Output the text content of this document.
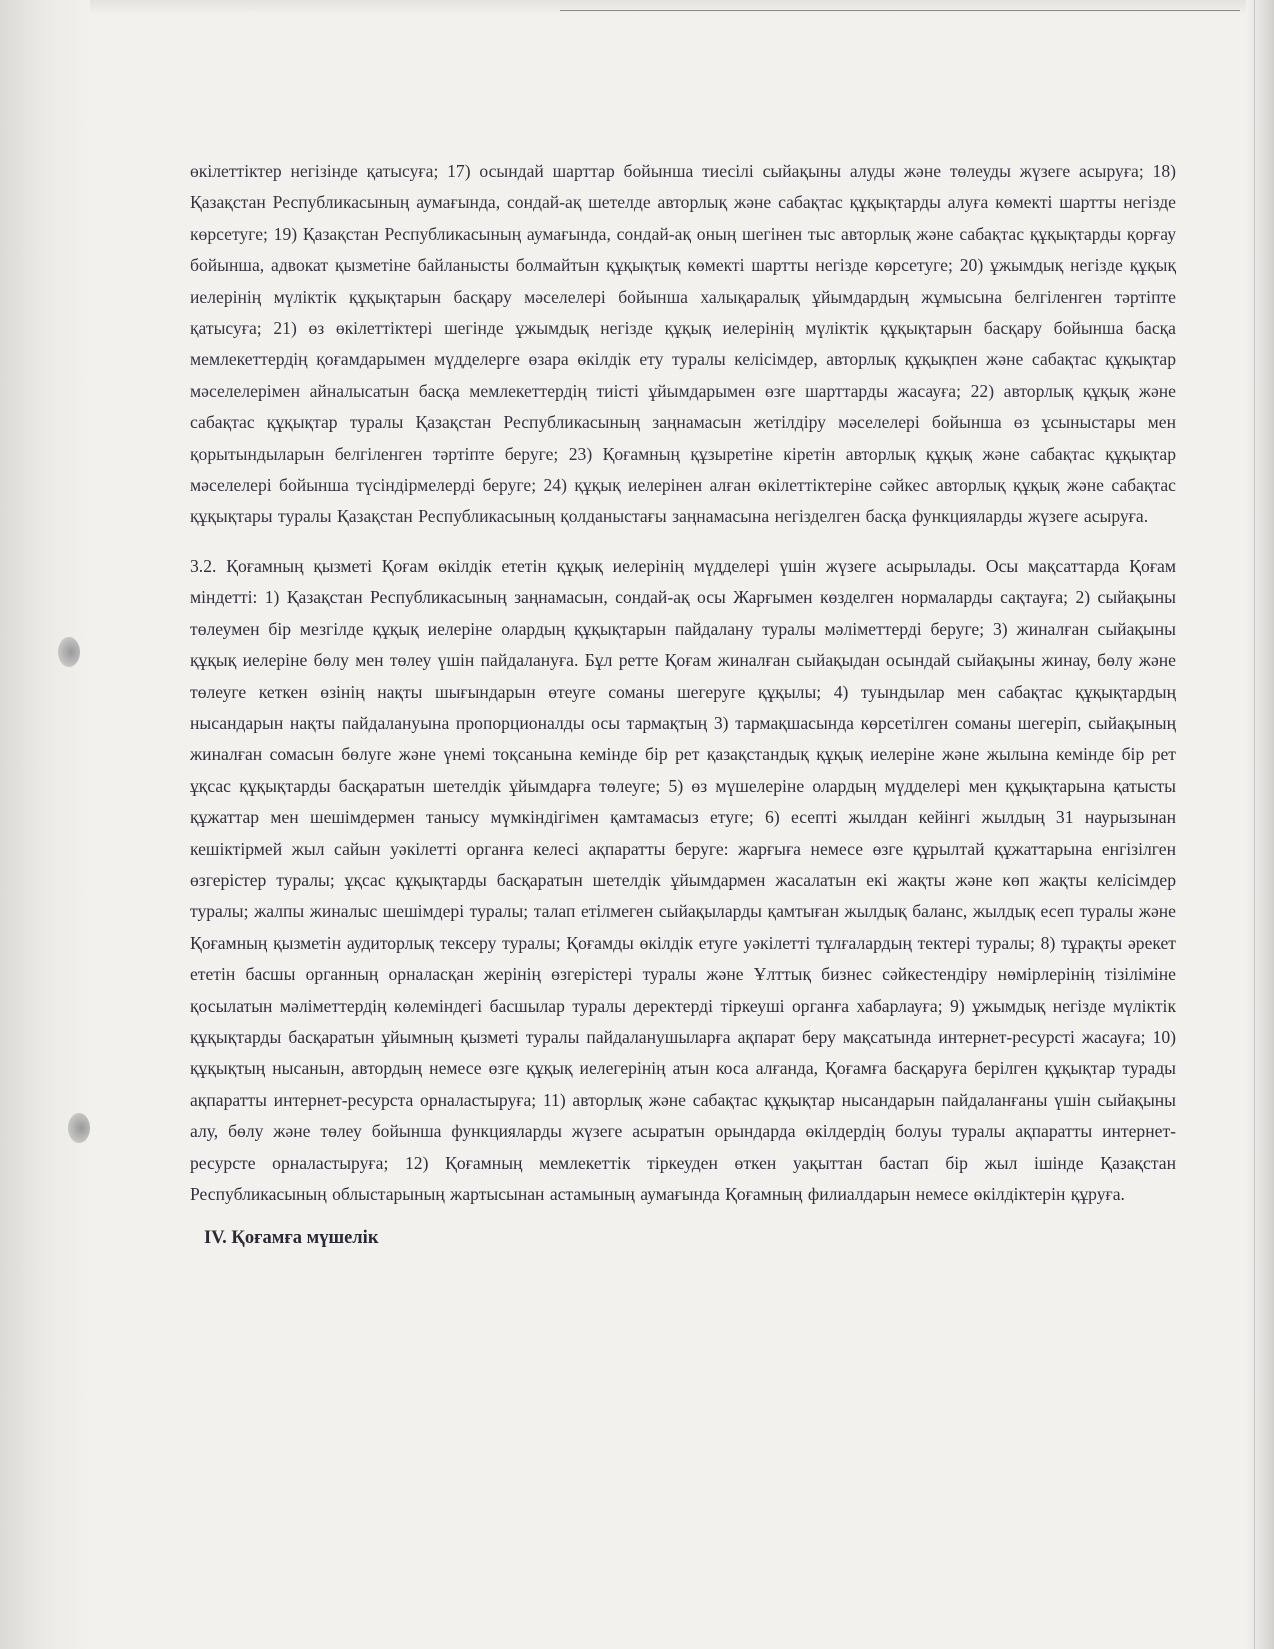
өкілеттіктер негізінде қатысуға; 17) осындай шарттар бойынша тиесілі сыйақыны алуды және төлеуды жүзеге асыруға; 18) Қазақстан Республикасының аумағында, сондай-ақ шетелде авторлық және сабақтас құқықтарды алуға көмекті шартты негізде көрсетуге; 19) Қазақстан Республикасының аумағында, сондай-ақ оның шегінен тыс авторлық және сабақтас құқықтарды қорғау бойынша, адвокат қызметіне байланысты болмайтын құқықтық көмекті шартты негізде көрсетуге; 20) ұжымдық негізде құқық иелерінің мүліктік құқықтарын басқару мәселелері бойынша халықаралық ұйымдардың жұмысына белгіленген тәртіпте қатысуға; 21) өз өкілеттіктері шегінде ұжымдық негізде құқық иелерінің мүліктік құқықтарын басқару бойынша басқа мемлекеттердің қоғамдарымен мүдделерге өзара өкілдік ету туралы келісімдер, авторлық құқықпен және сабақтас құқықтар мәселелерімен айналысатын басқа мемлекеттердің тиісті ұйымдарымен өзге шарттарды жасауға; 22) авторлық құқық және сабақтас құқықтар туралы Қазақстан Республикасының заңнамасын жетілдіру мәселелері бойынша өз ұсыныстары мен қорытындыларын белгіленген тәртіпте беруге; 23) Қоғамның құзыретіне кіретін авторлық құқық және сабақтас құқықтар мәселелері бойынша түсіндірмелерді беруге; 24) құқық иелерінен алған өкілеттіктеріне сәйкес авторлық құқық және сабақтас құқықтары туралы Қазақстан Республикасының қолданыстағы заңнамасына негізделген басқа функцияларды жүзеге асыруға.

3.2. Қоғамның қызметі Қоғам өкілдік ететін құқық иелерінің мүдделері үшін жүзеге асырылады. Осы мақсаттарда Қоғам міндетті: 1) Қазақстан Республикасының заңнамасын, сондай-ақ осы Жарғымен көзделген нормаларды сақтауға; 2) сыйақыны төлеумен бір мезгілде құқық иелеріне олардың құқықтарын пайдалану туралы мәліметтерді беруге; 3) жиналған сыйақыны құқық иелеріне бөлу мен төлеу үшін пайдалануға. Бұл ретте Қоғам жиналған сыйақыдан осындай сыйақыны жинау, бөлу және төлеуге кеткен өзінің нақты шығындарын өтеуге соманы шегеруге құқылы; 4) туындылар мен сабақтас құқықтардың нысандарын нақты пайдалануына пропорционалды осы тармақтың 3) тармақшасында көрсетілген соманы шегеріп, сыйақының жиналған сомасын бөлуге және үнемі тоқсанына кемінде бір рет қазақстандық құқық иелеріне және жылына кемінде бір рет ұқсас құқықтарды басқаратын шетелдік ұйымдарға төлеуге; 5) өз мүшелеріне олардың мүдделері мен құқықтарына қатысты құжаттар мен шешімдермен танысу мүмкіндігімен қамтамасыз етуге; 6) есепті жылдан кейінгі жылдың 31 наурызынан кешіктірмей жыл сайын уәкілетті органға келесі ақпаратты беруге: жарғыға немесе өзге құрылтай құжаттарына енгізілген өзгерістер туралы; ұқсас құқықтарды басқаратын шетелдік ұйымдармен жасалатын екі жақты және көп жақты келісімдер туралы; жалпы жиналыс шешімдері туралы; талап етілмеген сыйақыларды қамтыған жылдық баланс, жылдық есеп туралы және Қоғамның қызметін аудиторлық тексеру туралы; Қоғамды өкілдік етуге уәкілетті тұлғалардың тектері туралы; 8) тұрақты әрекет ететін басшы органның орналасқан жерінің өзгерістері туралы және Ұлттық бизнес сәйкестендіру нөмірлерінің тізіліміне қосылатын мәліметтердің көлеміндегі басшылар туралы деректерді тіркеуші органға хабарлауға; 9) ұжымдық негізде мүліктік құқықтарды басқаратын ұйымның қызметі туралы пайдаланушыларға ақпарат беру мақсатында интернет-ресурсті жасауға; 10) құқықтың нысанын, автордың немесе өзге құқық иелегерінің атын коса алғанда, Қоғамға басқаруға берілген құқықтар турады ақпаратты интернет-ресурста орналастыруға; 11) авторлық және сабақтас құқықтар нысандарын пайдаланғаны үшін сыйақыны алу, бөлу және төлеу бойынша функцияларды жүзеге асыратын орындарда өкілдердің болуы туралы ақпаратты интернет-ресурсте орналастыруға; 12) Қоғамның мемлекеттік тіркеуден өткен уақыттан бастап бір жыл ішінде Қазақстан Республикасының облыстарының жартысынан астамының аумағында Қоғамның филиалдарын немесе өкілдіктерін құруға.

IV. Қоғамға мүшелік
